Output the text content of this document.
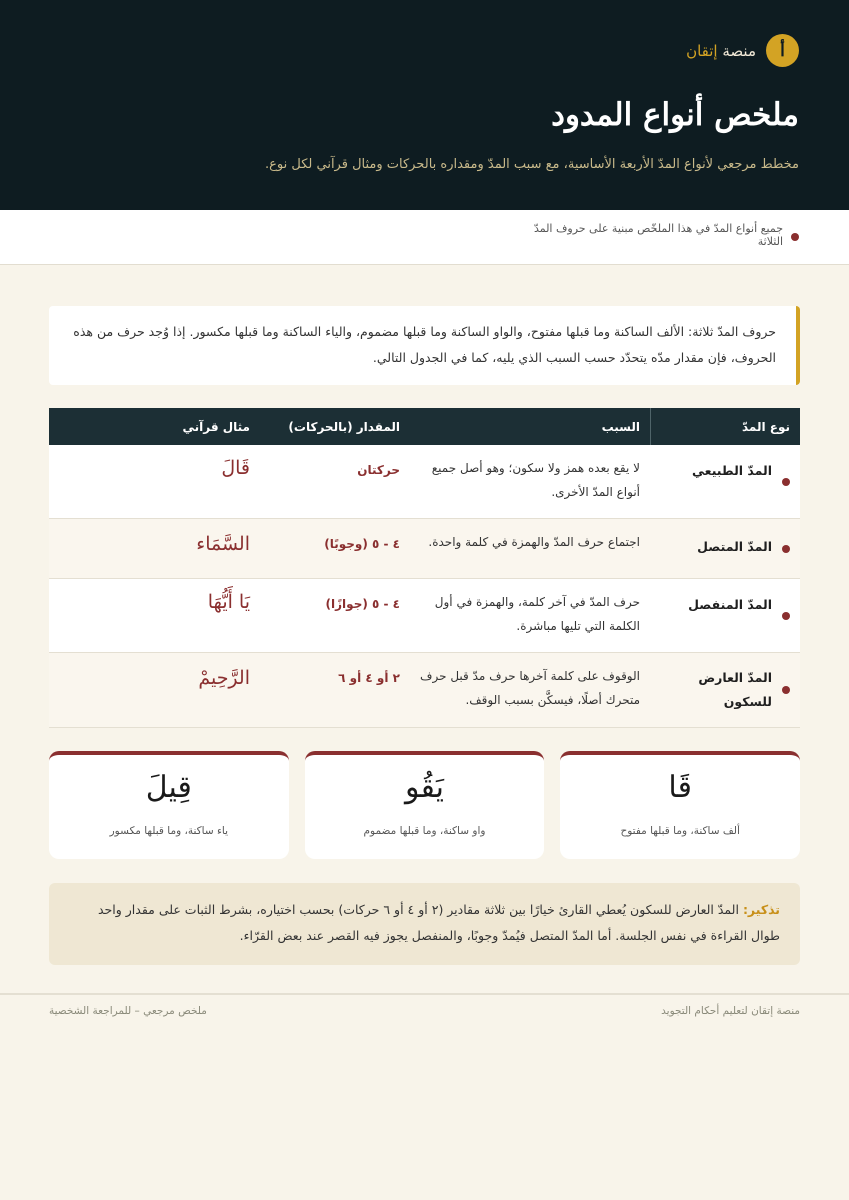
أ
منصة إتقان
ملخص أنواع المدود

مخطط مرجعي لأنواع المدّ الأربعة الأساسية، مع سبب المدّ ومقداره بالحركات ومثال قرآني لكل نوع.

جميع أنواع المدّ في هذا الملخّص مبنية على حروف المدّ الثلاثة

حروف المدّ ثلاثة: الألف الساكنة وما قبلها مفتوح، والواو الساكنة وما قبلها مضموم، والياء الساكنة وما قبلها مكسور. إذا وُجد حرف من هذه الحروف، فإن مقدار مدّه يتحدّد حسب السبب الذي يليه، كما في الجدول التالي.

نوع المدّ
السبب
المقدار (بالحركات)
مثال قرآني
المدّ الطبيعي

لا يقع بعده همز ولا سكون؛ وهو أصل جميع أنواع المدّ الأخرى.

حركتان
قَالَ
المدّ المتصل

اجتماع حرف المدّ والهمزة في كلمة واحدة.

٤ - ٥ (وجوبًا)
السَّمَاء
المدّ المنفصل

حرف المدّ في آخر كلمة، والهمزة في أول الكلمة التي تليها مباشرة.

٤ - ٥ (جوازًا)
يَا أَيُّهَا
المدّ العارض للسكون

الوقوف على كلمة آخرها حرف مدّ قبل حرف متحرك أصلًا، فيسكَّن بسبب الوقف.

٢ أو ٤ أو ٦
الرَّحِيمْ
قَا
ألف ساكنة، وما قبلها مفتوح
يَقُو
واو ساكنة، وما قبلها مضموم
قِيلَ
ياء ساكنة، وما قبلها مكسور
تذكير: المدّ العارض للسكون يُعطي القارئ خيارًا بين ثلاثة مقادير (٢ أو ٤ أو ٦ حركات) بحسب اختياره، بشرط الثبات على مقدار واحد طوال القراءة في نفس الجلسة. أما المدّ المتصل فيُمدّ وجوبًا، والمنفصل يجوز فيه القصر عند بعض القرّاء.
منصة إتقان لتعليم أحكام التجويد
ملخص مرجعي – للمراجعة الشخصية
